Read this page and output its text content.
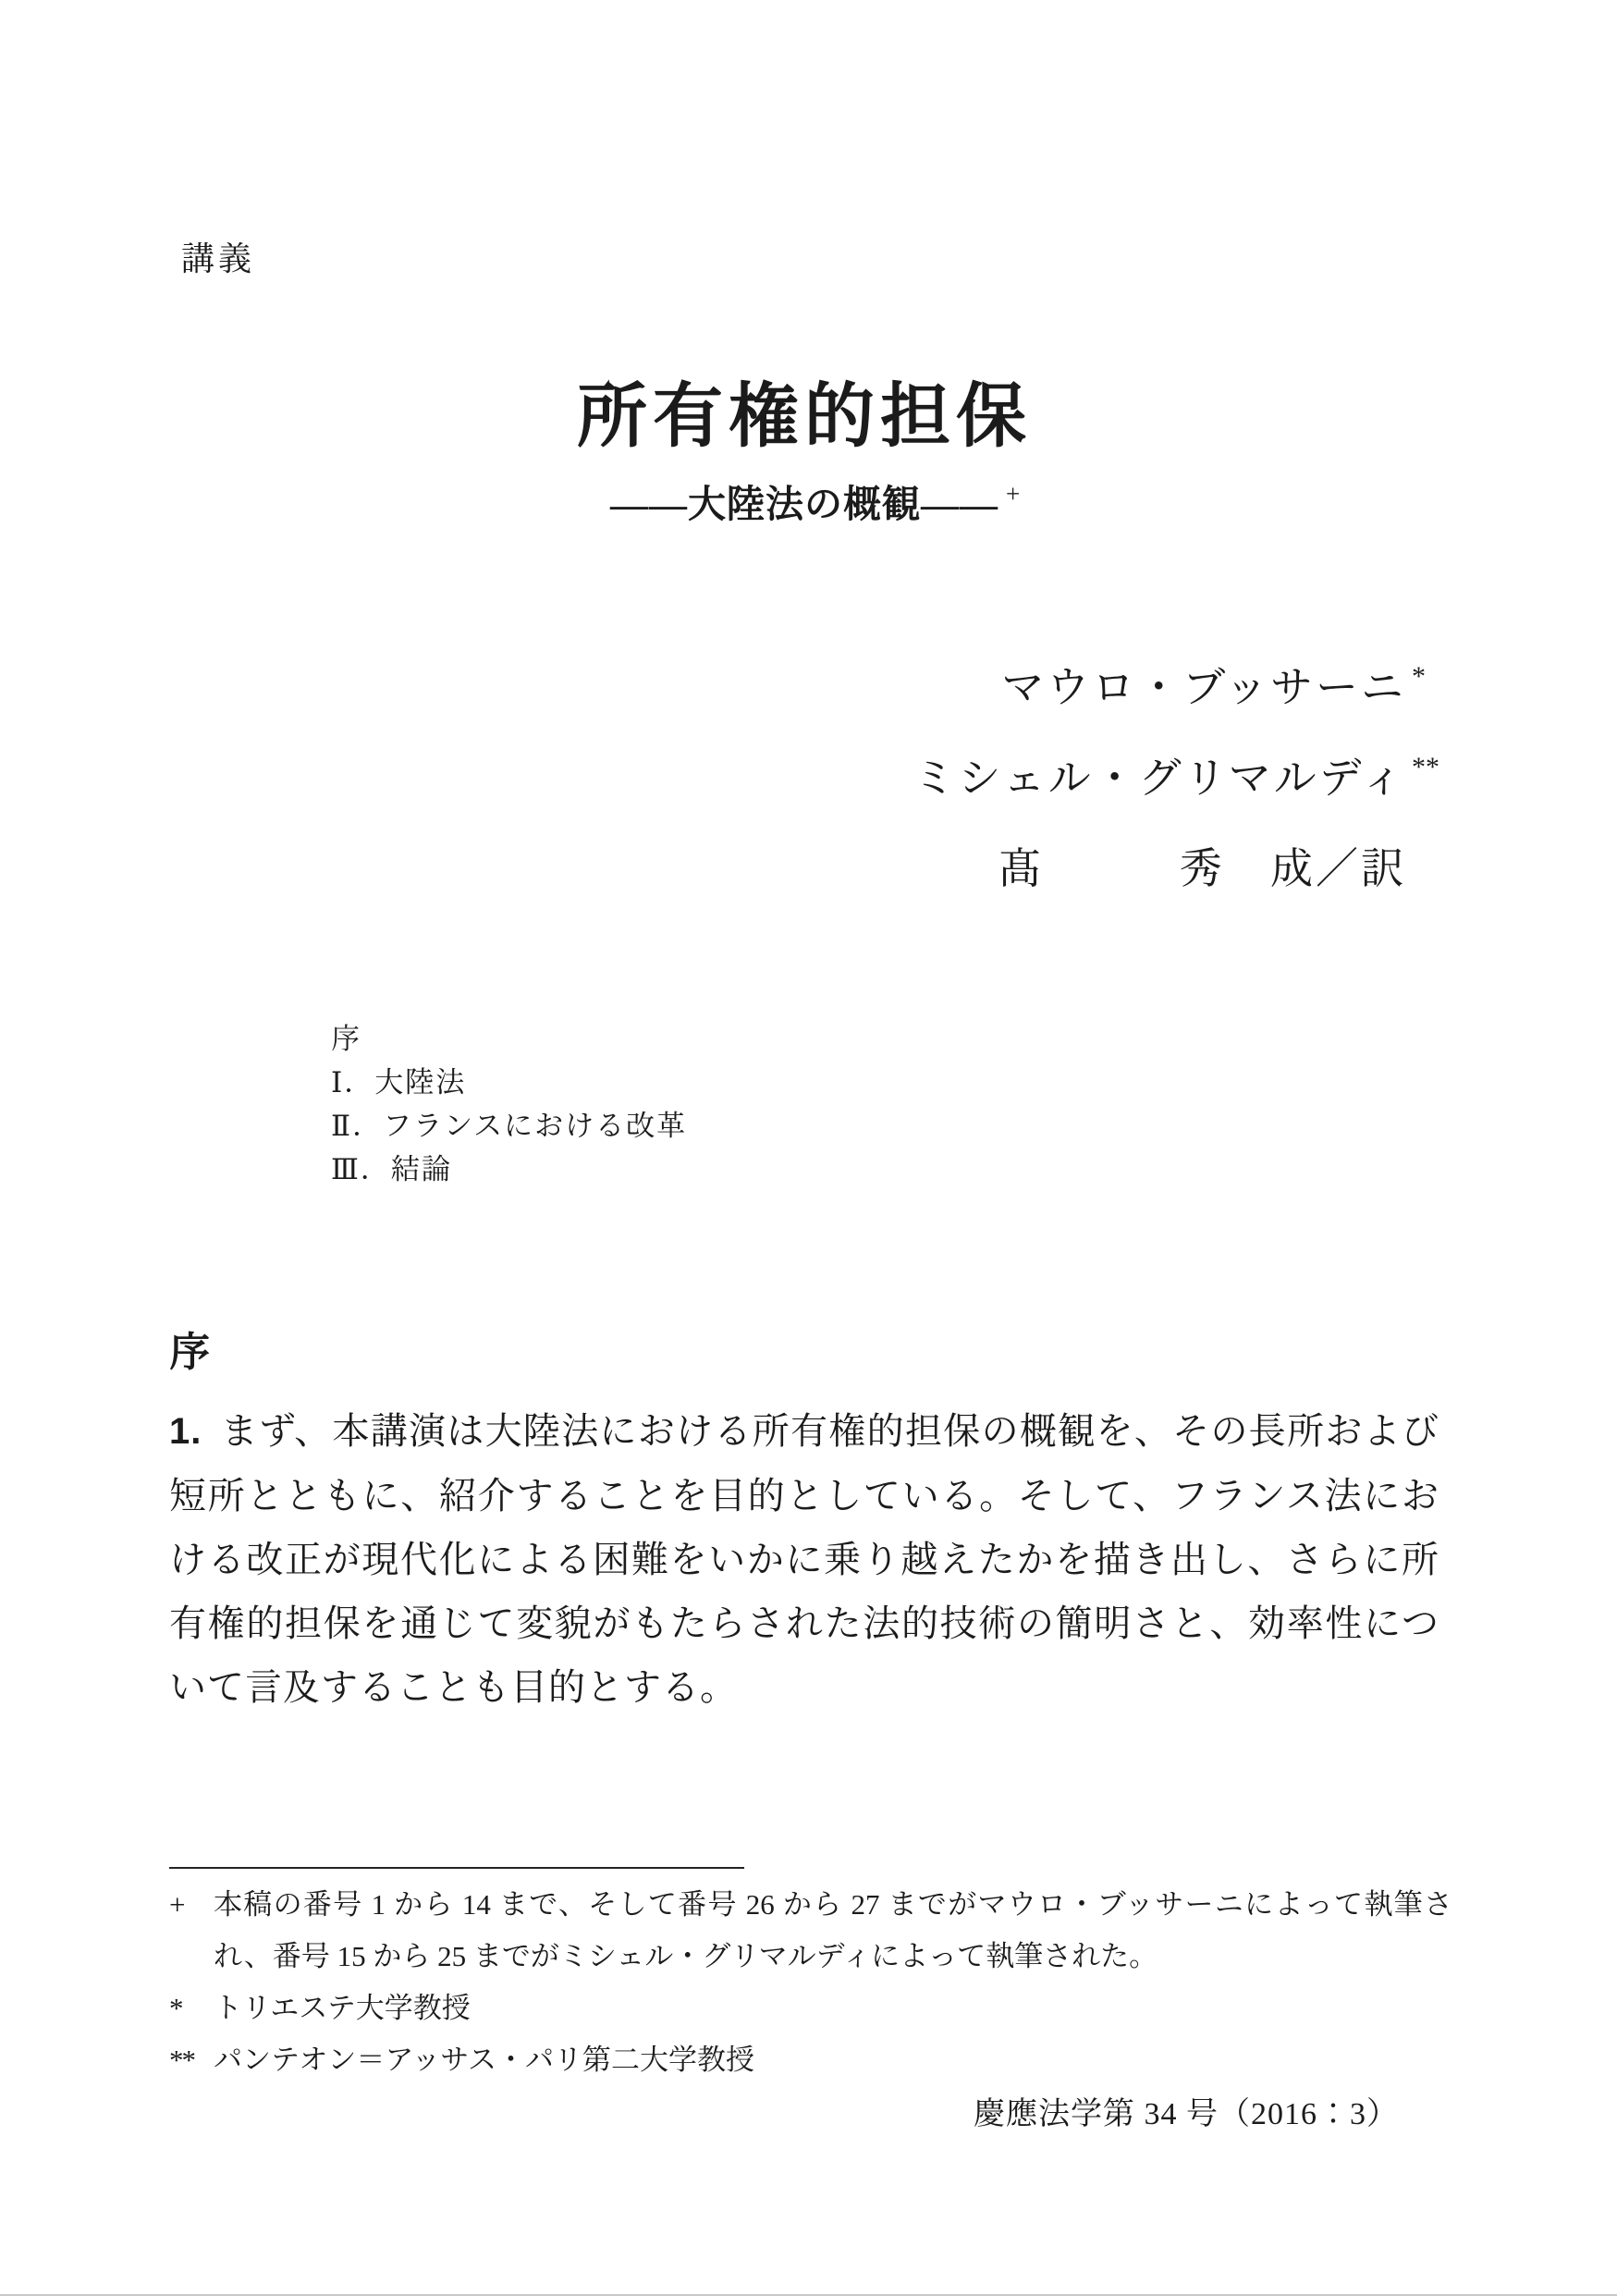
講義
所有権的担保
——大陸法の概観—— +
マウロ・ブッサーニ *
ミシェル・グリマルディ **
髙　　　秀　成／訳
序
Ⅰ．大陸法
Ⅱ．フランスにおける改革
Ⅲ．結論
序

1. まず、本講演は大陸法における所有権的担保の概観を、その長所および短所とともに、紹介することを目的としている。そして、フランス法における改正が現代化による困難をいかに乗り越えたかを描き出し、さらに所有権的担保を通じて変貌がもたらされた法的技術の簡明さと、効率性について言及することも目的とする。

+	本稿の番号 1 から 14 まで、そして番号 26 から 27 までがマウロ・ブッサーニによって執筆され、番号 15 から 25 までがミシェル・グリマルディによって執筆された。
*	トリエステ大学教授
** パンテオン＝アッサス・パリ第二大学教授
慶應法学第 34 号（2016：3）
